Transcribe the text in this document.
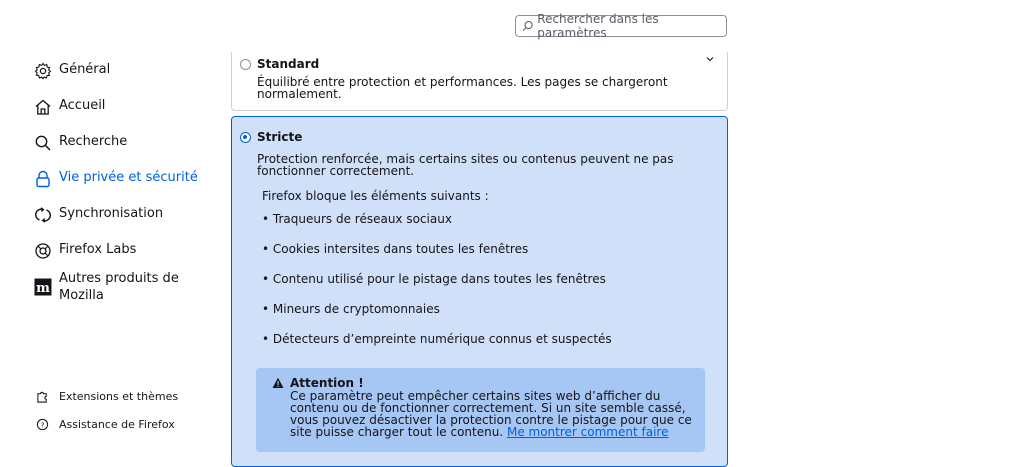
Rechercher dans les paramètres
Général
Accueil
Recherche
Vie privée et sécurité
Synchronisation
Firefox Labs
m
Autres produits de Mozilla
Extensions et thèmes
? Assistance de Firefox
Standard
Équilibré entre protection et performances. Les pages se chargeront normalement.
Stricte
Protection renforcée, mais certains sites ou contenus peuvent ne pas fonctionner correctement.
Firefox bloque les éléments suivants :
• Traqueurs de réseaux sociaux
• Cookies intersites dans toutes les fenêtres
• Contenu utilisé pour le pistage dans toutes les fenêtres
• Mineurs de cryptomonnaies
• Détecteurs d’empreinte numérique connus et suspectés
Attention !
Ce paramètre peut empêcher certains sites web d’afficher du contenu ou de fonctionner correctement. Si un site semble cassé, vous pouvez désactiver la protection contre le pistage pour que ce site puisse charger tout le contenu. Me montrer comment faire
